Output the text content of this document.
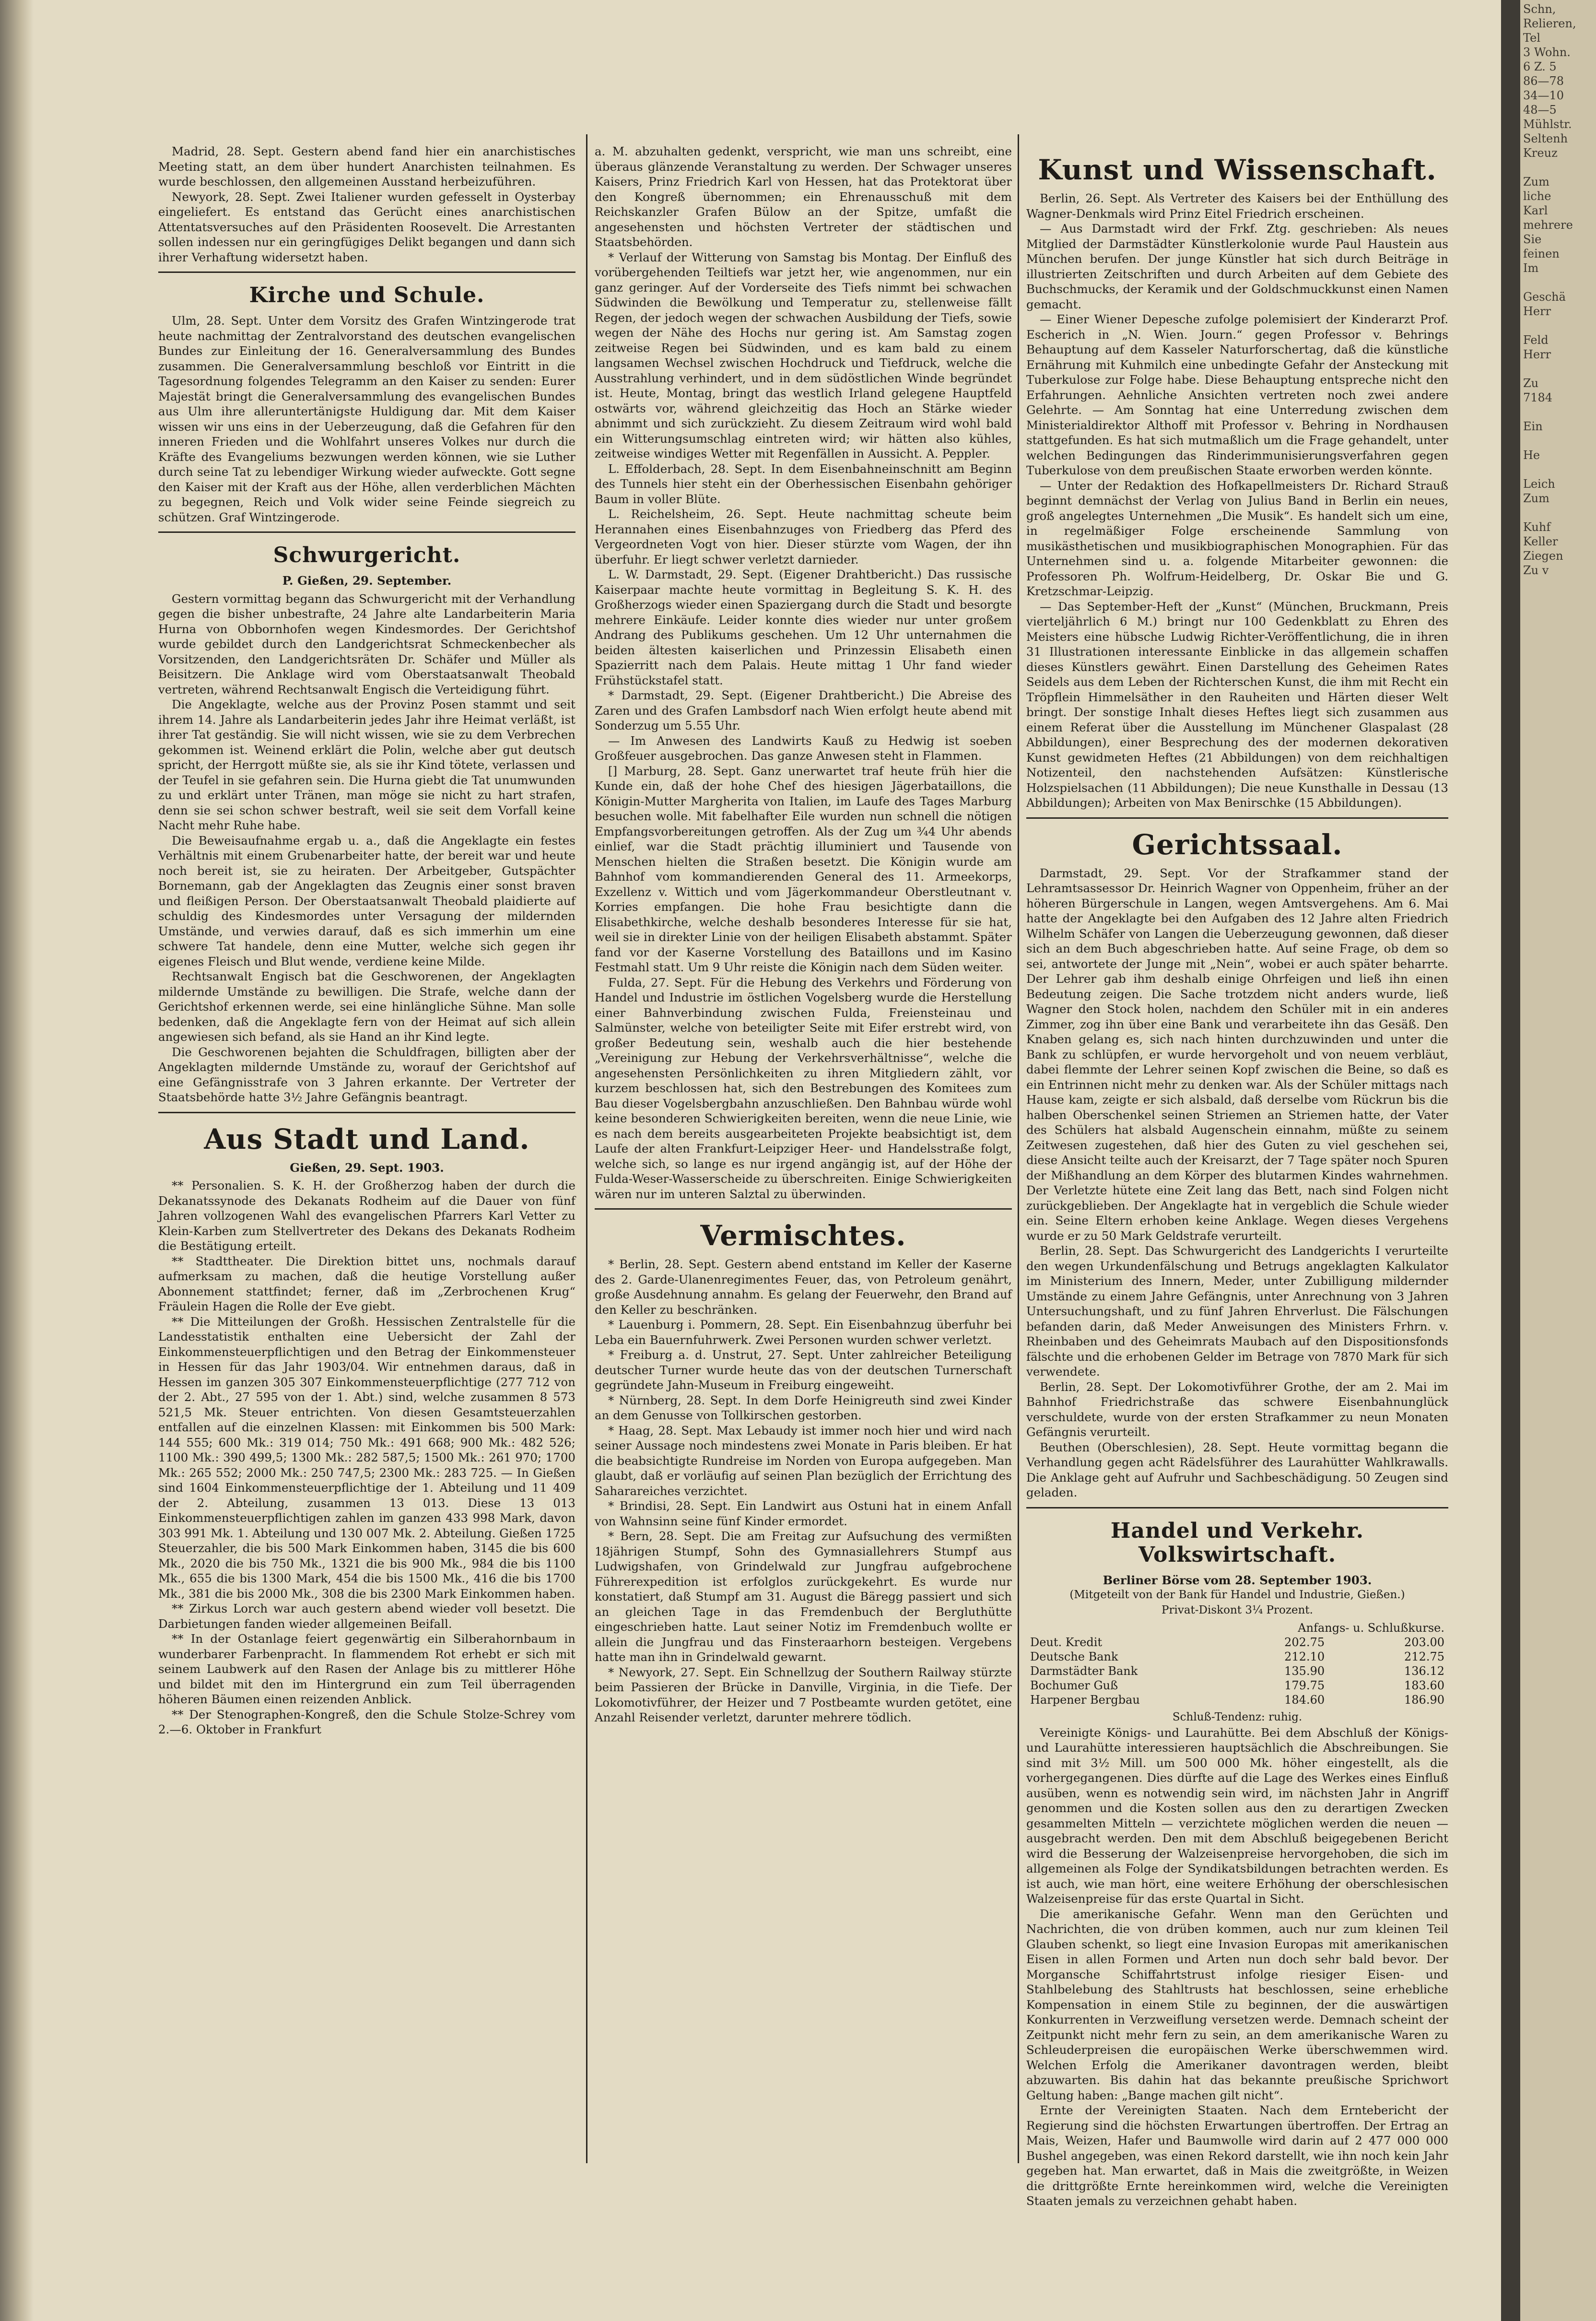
Schn,
Relieren,
Tel
3 Wohn.
6 Z. 5
86—78
34—10
48—5
Mühlstr.
Seltenh
Kreuz

Zum
liche
Karl
mehrere
Sie
feinen
Im

Geschä
Herr

Feld
Herr

Zu
7184

Ein

He

Leich
Zum

Kuhf
Keller
Ziegen
Zu v

Madrid, 28. Sept. Gestern abend fand hier ein anarchistisches Meeting statt, an dem über hundert Anarchisten teilnahmen. Es wurde beschlossen, den allgemeinen Ausstand herbeizuführen.

Newyork, 28. Sept. Zwei Italiener wurden gefesselt in Oysterbay eingeliefert. Es entstand das Gerücht eines anarchistischen Attentatsversuches auf den Präsidenten Roosevelt. Die Arrestanten sollen indessen nur ein geringfügiges Delikt begangen und dann sich ihrer Verhaftung widersetzt haben.

Kirche und Schule.

Ulm, 28. Sept. Unter dem Vorsitz des Grafen Wintzingerode trat heute nachmittag der Zentralvorstand des deutschen evangelischen Bundes zur Einleitung der 16. Generalversammlung des Bundes zusammen. Die Generalversammlung beschloß vor Eintritt in die Tagesordnung folgendes Telegramm an den Kaiser zu senden: Eurer Majestät bringt die Generalversammlung des evangelischen Bundes aus Ulm ihre alleruntertänigste Huldigung dar. Mit dem Kaiser wissen wir uns eins in der Ueberzeugung, daß die Gefahren für den inneren Frieden und die Wohlfahrt unseres Volkes nur durch die Kräfte des Evangeliums bezwungen werden können, wie sie Luther durch seine Tat zu lebendiger Wirkung wieder aufweckte. Gott segne den Kaiser mit der Kraft aus der Höhe, allen verderblichen Mächten zu begegnen, Reich und Volk wider seine Feinde siegreich zu schützen. Graf Wintzingerode.

Schwurgericht.
P. Gießen, 29. September.

Gestern vormittag begann das Schwurgericht mit der Verhandlung gegen die bisher unbestrafte, 24 Jahre alte Landarbeiterin Maria Hurna von Obbornhofen wegen Kindesmordes. Der Gerichtshof wurde gebildet durch den Landgerichtsrat Schmeckenbecher als Vorsitzenden, den Landgerichtsräten Dr. Schäfer und Müller als Beisitzern. Die Anklage wird vom Oberstaatsanwalt Theobald vertreten, während Rechtsanwalt Engisch die Verteidigung führt.

Die Angeklagte, welche aus der Provinz Posen stammt und seit ihrem 14. Jahre als Landarbeiterin jedes Jahr ihre Heimat verläßt, ist ihrer Tat geständig. Sie will nicht wissen, wie sie zu dem Verbrechen gekommen ist. Weinend erklärt die Polin, welche aber gut deutsch spricht, der Herrgott müßte sie, als sie ihr Kind tötete, verlassen und der Teufel in sie gefahren sein. Die Hurna giebt die Tat unumwunden zu und erklärt unter Tränen, man möge sie nicht zu hart strafen, denn sie sei schon schwer bestraft, weil sie seit dem Vorfall keine Nacht mehr Ruhe habe.

Die Beweisaufnahme ergab u. a., daß die Angeklagte ein festes Verhältnis mit einem Grubenarbeiter hatte, der bereit war und heute noch bereit ist, sie zu heiraten. Der Arbeitgeber, Gutspächter Bornemann, gab der Angeklagten das Zeugnis einer sonst braven und fleißigen Person. Der Oberstaatsanwalt Theobald plaidierte auf schuldig des Kindesmordes unter Versagung der mildernden Umstände, und verwies darauf, daß es sich immerhin um eine schwere Tat handele, denn eine Mutter, welche sich gegen ihr eigenes Fleisch und Blut wende, verdiene keine Milde.

Rechtsanwalt Engisch bat die Geschworenen, der Angeklagten mildernde Umstände zu bewilligen. Die Strafe, welche dann der Gerichtshof erkennen werde, sei eine hinlängliche Sühne. Man solle bedenken, daß die Angeklagte fern von der Heimat auf sich allein angewiesen sich befand, als sie Hand an ihr Kind legte.

Die Geschworenen bejahten die Schuldfragen, billigten aber der Angeklagten mildernde Umstände zu, worauf der Gerichtshof auf eine Gefängnisstrafe von 3 Jahren erkannte. Der Vertreter der Staatsbehörde hatte 3½ Jahre Gefängnis beantragt.

Aus Stadt und Land.
Gießen, 29. Sept. 1903.

** Personalien. S. K. H. der Großherzog haben der durch die Dekanatssynode des Dekanats Rodheim auf die Dauer von fünf Jahren vollzogenen Wahl des evangelischen Pfarrers Karl Vetter zu Klein-Karben zum Stellvertreter des Dekans des Dekanats Rodheim die Bestätigung erteilt.

** Stadttheater. Die Direktion bittet uns, nochmals darauf aufmerksam zu machen, daß die heutige Vorstellung außer Abonnement stattfindet; ferner, daß im „Zerbrochenen Krug“ Fräulein Hagen die Rolle der Eve giebt.

** Die Mitteilungen der Großh. Hessischen Zentralstelle für die Landesstatistik enthalten eine Uebersicht der Zahl der Einkommensteuerpflichtigen und den Betrag der Einkommensteuer in Hessen für das Jahr 1903/04. Wir entnehmen daraus, daß in Hessen im ganzen 305 307 Einkommensteuerpflichtige (277 712 von der 2. Abt., 27 595 von der 1. Abt.) sind, welche zusammen 8 573 521,5 Mk. Steuer entrichten. Von diesen Gesamtsteuerzahlen entfallen auf die einzelnen Klassen: mit Einkommen bis 500 Mark: 144 555; 600 Mk.: 319 014; 750 Mk.: 491 668; 900 Mk.: 482 526; 1100 Mk.: 390 499,5; 1300 Mk.: 282 587,5; 1500 Mk.: 261 970; 1700 Mk.: 265 552; 2000 Mk.: 250 747,5; 2300 Mk.: 283 725. — In Gießen sind 1604 Einkommensteuerpflichtige der 1. Abteilung und 11 409 der 2. Abteilung, zusammen 13 013. Diese 13 013 Einkommensteuerpflichtigen zahlen im ganzen 433 998 Mark, davon 303 991 Mk. 1. Abteilung und 130 007 Mk. 2. Abteilung. Gießen 1725 Steuerzahler, die bis 500 Mark Einkommen haben, 3145 die bis 600 Mk., 2020 die bis 750 Mk., 1321 die bis 900 Mk., 984 die bis 1100 Mk., 655 die bis 1300 Mark, 454 die bis 1500 Mk., 416 die bis 1700 Mk., 381 die bis 2000 Mk., 308 die bis 2300 Mark Einkommen haben.

** Zirkus Lorch war auch gestern abend wieder voll besetzt. Die Darbietungen fanden wieder allgemeinen Beifall.

** In der Ostanlage feiert gegenwärtig ein Silberahornbaum in wunderbarer Farbenpracht. In flammendem Rot erhebt er sich mit seinem Laubwerk auf den Rasen der Anlage bis zu mittlerer Höhe und bildet mit den im Hintergrund ein zum Teil überragenden höheren Bäumen einen reizenden Anblick.

** Der Stenographen-Kongreß, den die Schule Stolze-Schrey vom 2.—6. Oktober in Frankfurt

a. M. abzuhalten gedenkt, verspricht, wie man uns schreibt, eine überaus glänzende Veranstaltung zu werden. Der Schwager unseres Kaisers, Prinz Friedrich Karl von Hessen, hat das Protektorat über den Kongreß übernommen; ein Ehrenausschuß mit dem Reichskanzler Grafen Bülow an der Spitze, umfaßt die angesehensten und höchsten Vertreter der städtischen und Staatsbehörden.

* Verlauf der Witterung von Samstag bis Montag. Der Einfluß des vorübergehenden Teiltiefs war jetzt her, wie angenommen, nur ein ganz geringer. Auf der Vorderseite des Tiefs nimmt bei schwachen Südwinden die Bewölkung und Temperatur zu, stellenweise fällt Regen, der jedoch wegen der schwachen Ausbildung der Tiefs, sowie wegen der Nähe des Hochs nur gering ist. Am Samstag zogen zeitweise Regen bei Südwinden, und es kam bald zu einem langsamen Wechsel zwischen Hochdruck und Tiefdruck, welche die Ausstrahlung verhindert, und in dem südöstlichen Winde begründet ist. Heute, Montag, bringt das westlich Irland gelegene Hauptfeld ostwärts vor, während gleichzeitig das Hoch an Stärke wieder abnimmt und sich zurückzieht. Zu diesem Zeitraum wird wohl bald ein Witterungsumschlag eintreten wird; wir hätten also kühles, zeitweise windiges Wetter mit Regenfällen in Aussicht. A. Peppler.

L. Effolderbach, 28. Sept. In dem Eisenbahneinschnitt am Beginn des Tunnels hier steht ein der Oberhessischen Eisenbahn gehöriger Baum in voller Blüte.

L. Reichelsheim, 26. Sept. Heute nachmittag scheute beim Herannahen eines Eisenbahnzuges von Friedberg das Pferd des Vergeordneten Vogt von hier. Dieser stürzte vom Wagen, der ihn überfuhr. Er liegt schwer verletzt darnieder.

L. W. Darmstadt, 29. Sept. (Eigener Drahtbericht.) Das russische Kaiserpaar machte heute vormittag in Begleitung S. K. H. des Großherzogs wieder einen Spaziergang durch die Stadt und besorgte mehrere Einkäufe. Leider konnte dies wieder nur unter großem Andrang des Publikums geschehen. Um 12 Uhr unternahmen die beiden ältesten kaiserlichen und Prinzessin Elisabeth einen Spazierritt nach dem Palais. Heute mittag 1 Uhr fand wieder Frühstückstafel statt.

* Darmstadt, 29. Sept. (Eigener Drahtbericht.) Die Abreise des Zaren und des Grafen Lambsdorf nach Wien erfolgt heute abend mit Sonderzug um 5.55 Uhr.

— Im Anwesen des Landwirts Kauß zu Hedwig ist soeben Großfeuer ausgebrochen. Das ganze Anwesen steht in Flammen.

[] Marburg, 28. Sept. Ganz unerwartet traf heute früh hier die Kunde ein, daß der hohe Chef des hiesigen Jägerbataillons, die Königin-Mutter Margherita von Italien, im Laufe des Tages Marburg besuchen wolle. Mit fabelhafter Eile wurden nun schnell die nötigen Empfangsvorbereitungen getroffen. Als der Zug um ¾4 Uhr abends einlief, war die Stadt prächtig illuminiert und Tausende von Menschen hielten die Straßen besetzt. Die Königin wurde am Bahnhof vom kommandierenden General des 11. Armeekorps, Exzellenz v. Wittich und vom Jägerkommandeur Oberstleutnant v. Korries empfangen. Die hohe Frau besichtigte dann die Elisabethkirche, welche deshalb besonderes Interesse für sie hat, weil sie in direkter Linie von der heiligen Elisabeth abstammt. Später fand vor der Kaserne Vorstellung des Bataillons und im Kasino Festmahl statt. Um 9 Uhr reiste die Königin nach dem Süden weiter.

Fulda, 27. Sept. Für die Hebung des Verkehrs und Förderung von Handel und Industrie im östlichen Vogelsberg wurde die Herstellung einer Bahnverbindung zwischen Fulda, Freiensteinau und Salmünster, welche von beteiligter Seite mit Eifer erstrebt wird, von großer Bedeutung sein, weshalb auch die hier bestehende „Vereinigung zur Hebung der Verkehrsverhältnisse“, welche die angesehensten Persönlichkeiten zu ihren Mitgliedern zählt, vor kurzem beschlossen hat, sich den Bestrebungen des Komitees zum Bau dieser Vogelsbergbahn anzuschließen. Den Bahnbau würde wohl keine besonderen Schwierigkeiten bereiten, wenn die neue Linie, wie es nach dem bereits ausgearbeiteten Projekte beabsichtigt ist, dem Laufe der alten Frankfurt-Leipziger Heer- und Handelsstraße folgt, welche sich, so lange es nur irgend angängig ist, auf der Höhe der Fulda-Weser-Wasserscheide zu überschreiten. Einige Schwierigkeiten wären nur im unteren Salztal zu überwinden.

Vermischtes.

* Berlin, 28. Sept. Gestern abend entstand im Keller der Kaserne des 2. Garde-Ulanenregimentes Feuer, das, von Petroleum genährt, große Ausdehnung annahm. Es gelang der Feuerwehr, den Brand auf den Keller zu beschränken.

* Lauenburg i. Pommern, 28. Sept. Ein Eisenbahnzug überfuhr bei Leba ein Bauernfuhrwerk. Zwei Personen wurden schwer verletzt.

* Freiburg a. d. Unstrut, 27. Sept. Unter zahlreicher Beteiligung deutscher Turner wurde heute das von der deutschen Turnerschaft gegründete Jahn-Museum in Freiburg eingeweiht.

* Nürnberg, 28. Sept. In dem Dorfe Heinigreuth sind zwei Kinder an dem Genusse von Tollkirschen gestorben.

* Haag, 28. Sept. Max Lebaudy ist immer noch hier und wird nach seiner Aussage noch mindestens zwei Monate in Paris bleiben. Er hat die beabsichtigte Rundreise im Norden von Europa aufgegeben. Man glaubt, daß er vorläufig auf seinen Plan bezüglich der Errichtung des Saharareiches verzichtet.

* Brindisi, 28. Sept. Ein Landwirt aus Ostuni hat in einem Anfall von Wahnsinn seine fünf Kinder ermordet.

* Bern, 28. Sept. Die am Freitag zur Aufsuchung des vermißten 18jährigen Stumpf, Sohn des Gymnasiallehrers Stumpf aus Ludwigshafen, von Grindelwald zur Jungfrau aufgebrochene Führerexpedition ist erfolglos zurückgekehrt. Es wurde nur konstatiert, daß Stumpf am 31. August die Bäregg passiert und sich an gleichen Tage in das Fremdenbuch der Bergluthütte eingeschrieben hatte. Laut seiner Notiz im Fremdenbuch wollte er allein die Jungfrau und das Finsteraarhorn besteigen. Vergebens hatte man ihn in Grindelwald gewarnt.

* Newyork, 27. Sept. Ein Schnellzug der Southern Railway stürzte beim Passieren der Brücke in Danville, Virginia, in die Tiefe. Der Lokomotivführer, der Heizer und 7 Postbeamte wurden getötet, eine Anzahl Reisender verletzt, darunter mehrere tödlich.

Kunst und Wissenschaft.

Berlin, 26. Sept. Als Vertreter des Kaisers bei der Enthüllung des Wagner-Denkmals wird Prinz Eitel Friedrich erscheinen.

— Aus Darmstadt wird der Frkf. Ztg. geschrieben: Als neues Mitglied der Darmstädter Künstlerkolonie wurde Paul Haustein aus München berufen. Der junge Künstler hat sich durch Beiträge in illustrierten Zeitschriften und durch Arbeiten auf dem Gebiete des Buchschmucks, der Keramik und der Goldschmuckkunst einen Namen gemacht.

— Einer Wiener Depesche zufolge polemisiert der Kinderarzt Prof. Escherich in „N. Wien. Journ.“ gegen Professor v. Behrings Behauptung auf dem Kasseler Naturforschertag, daß die künstliche Ernährung mit Kuhmilch eine unbedingte Gefahr der Ansteckung mit Tuberkulose zur Folge habe. Diese Behauptung entspreche nicht den Erfahrungen. Aehnliche Ansichten vertreten noch zwei andere Gelehrte. — Am Sonntag hat eine Unterredung zwischen dem Ministerialdirektor Althoff mit Professor v. Behring in Nordhausen stattgefunden. Es hat sich mutmaßlich um die Frage gehandelt, unter welchen Bedingungen das Rinderimmunisierungsverfahren gegen Tuberkulose von dem preußischen Staate erworben werden könnte.

— Unter der Redaktion des Hofkapellmeisters Dr. Richard Strauß beginnt demnächst der Verlag von Julius Band in Berlin ein neues, groß angelegtes Unternehmen „Die Musik“. Es handelt sich um eine, in regelmäßiger Folge erscheinende Sammlung von musikästhetischen und musikbiographischen Monographien. Für das Unternehmen sind u. a. folgende Mitarbeiter gewonnen: die Professoren Ph. Wolfrum-Heidelberg, Dr. Oskar Bie und G. Kretzschmar-Leipzig.

— Das September-Heft der „Kunst“ (München, Bruckmann, Preis vierteljährlich 6 M.) bringt nur 100 Gedenkblatt zu Ehren des Meisters eine hübsche Ludwig Richter-Veröffentlichung, die in ihren 31 Illustrationen interessante Einblicke in das allgemein schaffen dieses Künstlers gewährt. Einen Darstellung des Geheimen Rates Seidels aus dem Leben der Richterschen Kunst, die ihm mit Recht ein Tröpflein Himmelsäther in den Rauheiten und Härten dieser Welt bringt. Der sonstige Inhalt dieses Heftes liegt sich zusammen aus einem Referat über die Ausstellung im Münchener Glaspalast (28 Abbildungen), einer Besprechung des der modernen dekorativen Kunst gewidmeten Heftes (21 Abbildungen) von dem reichhaltigen Notizenteil, den nachstehenden Aufsätzen: Künstlerische Holzspielsachen (11 Abbildungen); Die neue Kunsthalle in Dessau (13 Abbildungen); Arbeiten von Max Benirschke (15 Abbildungen).

Gerichtssaal.

Darmstadt, 29. Sept. Vor der Strafkammer stand der Lehramtsassessor Dr. Heinrich Wagner von Oppenheim, früher an der höheren Bürgerschule in Langen, wegen Amtsvergehens. Am 6. Mai hatte der Angeklagte bei den Aufgaben des 12 Jahre alten Friedrich Wilhelm Schäfer von Langen die Ueberzeugung gewonnen, daß dieser sich an dem Buch abgeschrieben hatte. Auf seine Frage, ob dem so sei, antwortete der Junge mit „Nein“, wobei er auch später beharrte. Der Lehrer gab ihm deshalb einige Ohrfeigen und ließ ihn einen Bedeutung zeigen. Die Sache trotzdem nicht anders wurde, ließ Wagner den Stock holen, nachdem den Schüler mit in ein anderes Zimmer, zog ihn über eine Bank und verarbeitete ihn das Gesäß. Den Knaben gelang es, sich nach hinten durchzuwinden und unter die Bank zu schlüpfen, er wurde hervorgeholt und von neuem verbläut, dabei flemmte der Lehrer seinen Kopf zwischen die Beine, so daß es ein Entrinnen nicht mehr zu denken war. Als der Schüler mittags nach Hause kam, zeigte er sich alsbald, daß derselbe vom Rückrun bis die halben Oberschenkel seinen Striemen an Striemen hatte, der Vater des Schülers hat alsbald Augenschein einnahm, müßte zu seinem Zeitwesen zugestehen, daß hier des Guten zu viel geschehen sei, diese Ansicht teilte auch der Kreisarzt, der 7 Tage später noch Spuren der Mißhandlung an dem Körper des blutarmen Kindes wahrnehmen. Der Verletzte hütete eine Zeit lang das Bett, nach sind Folgen nicht zurückgeblieben. Der Angeklagte hat in vergeblich die Schule wieder ein. Seine Eltern erhoben keine Anklage. Wegen dieses Vergehens wurde er zu 50 Mark Geldstrafe verurteilt.

Berlin, 28. Sept. Das Schwurgericht des Landgerichts I verurteilte den wegen Urkundenfälschung und Betrugs angeklagten Kalkulator im Ministerium des Innern, Meder, unter Zubilligung mildernder Umstände zu einem Jahre Gefängnis, unter Anrechnung von 3 Jahren Untersuchungshaft, und zu fünf Jahren Ehrverlust. Die Fälschungen befanden darin, daß Meder Anweisungen des Ministers Frhrn. v. Rheinbaben und des Geheimrats Maubach auf den Dispositionsfonds fälschte und die erhobenen Gelder im Betrage von 7870 Mark für sich verwendete.

Berlin, 28. Sept. Der Lokomotivführer Grothe, der am 2. Mai im Bahnhof Friedrichstraße das schwere Eisenbahnunglück verschuldete, wurde von der ersten Strafkammer zu neun Monaten Gefängnis verurteilt.

Beuthen (Oberschlesien), 28. Sept. Heute vormittag begann die Verhandlung gegen acht Rädelsführer des Laurahütter Wahlkrawalls. Die Anklage geht auf Aufruhr und Sachbeschädigung. 50 Zeugen sind geladen.

Handel und Verkehr. Volkswirtschaft.
Berliner Börse vom 28. September 1903.
(Mitgeteilt von der Bank für Handel und Industrie, Gießen.)
Privat-Diskont 3¼ Prozent.
	Anfangs- u. Schlußkurse.	
Deut. Kredit	202.75	203.00
Deutsche Bank	212.10	212.75
Darmstädter Bank	135.90	136.12
Bochumer Guß	179.75	183.60
Harpener Bergbau	184.60	186.90
Schluß-Tendenz: ruhig.

Vereinigte Königs- und Laurahütte. Bei dem Abschluß der Königs- und Laurahütte interessieren hauptsächlich die Abschreibungen. Sie sind mit 3½ Mill. um 500 000 Mk. höher eingestellt, als die vorhergegangenen. Dies dürfte auf die Lage des Werkes eines Einfluß ausüben, wenn es notwendig sein wird, im nächsten Jahr in Angriff genommen und die Kosten sollen aus den zu derartigen Zwecken gesammelten Mitteln — verzichtete möglichen werden die neuen — ausgebracht werden. Den mit dem Abschluß beigegebenen Bericht wird die Besserung der Walzeisenpreise hervorgehoben, die sich im allgemeinen als Folge der Syndikatsbildungen betrachten werden. Es ist auch, wie man hört, eine weitere Erhöhung der oberschlesischen Walzeisenpreise für das erste Quartal in Sicht.

Die amerikanische Gefahr. Wenn man den Gerüchten und Nachrichten, die von drüben kommen, auch nur zum kleinen Teil Glauben schenkt, so liegt eine Invasion Europas mit amerikanischen Eisen in allen Formen und Arten nun doch sehr bald bevor. Der Morgansche Schiffahrtstrust infolge riesiger Eisen- und Stahlbelebung des Stahltrusts hat beschlossen, seine erhebliche Kompensation in einem Stile zu beginnen, der die auswärtigen Konkurrenten in Verzweiflung versetzen werde. Demnach scheint der Zeitpunkt nicht mehr fern zu sein, an dem amerikanische Waren zu Schleuderpreisen die europäischen Werke überschwemmen wird. Welchen Erfolg die Amerikaner davontragen werden, bleibt abzuwarten. Bis dahin hat das bekannte preußische Sprichwort Geltung haben: „Bange machen gilt nicht“.

Ernte der Vereinigten Staaten. Nach dem Erntebericht der Regierung sind die höchsten Erwartungen übertroffen. Der Ertrag an Mais, Weizen, Hafer und Baumwolle wird darin auf 2 477 000 000 Bushel angegeben, was einen Rekord darstellt, wie ihn noch kein Jahr gegeben hat. Man erwartet, daß in Mais die zweitgrößte, in Weizen die drittgrößte Ernte hereinkommen wird, welche die Vereinigten Staaten jemals zu verzeichnen gehabt haben.
